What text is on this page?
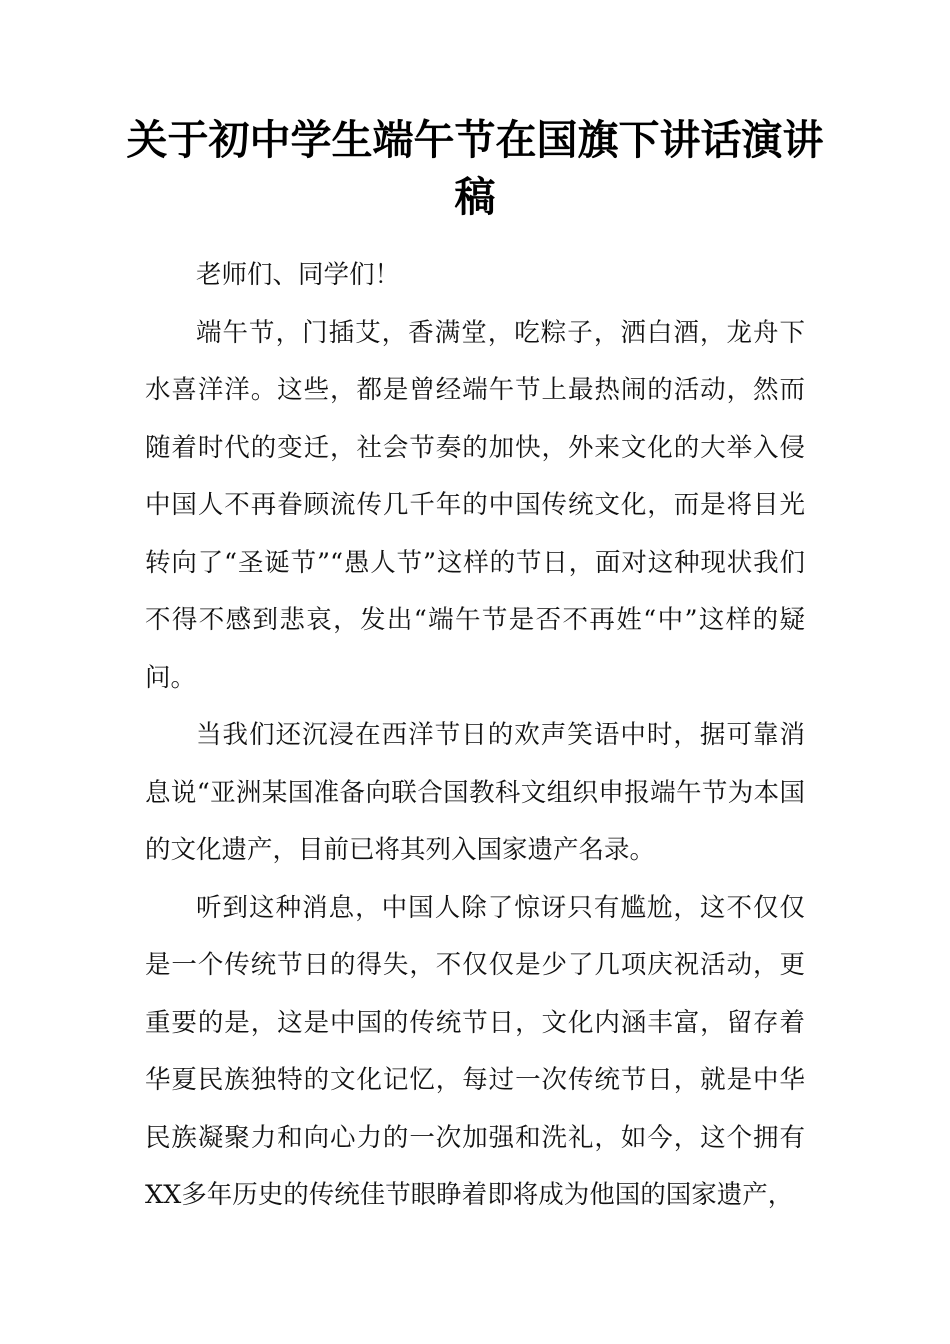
关于初中学生端午节在国旗下讲话演讲稿

老师们、同学们！

端午节，门插艾，香满堂，吃粽子，洒白酒，龙舟下水喜洋洋。这些，都是曾经端午节上最热闹的活动，然而随着时代的变迁，社会节奏的加快，外来文化的大举入侵中国人不再眷顾流传几千年的中国传统文化，而是将目光转向了“圣诞节”“愚人节”这样的节日，面对这种现状我们不得不感到悲哀，发出“端午节是否不再姓“中”这样的疑问。

当我们还沉浸在西洋节日的欢声笑语中时，据可靠消息说“亚洲某国准备向联合国教科文组织申报端午节为本国的文化遗产，目前已将其列入国家遗产名录。

听到这种消息，中国人除了惊讶只有尴尬，这不仅仅是一个传统节日的得失，不仅仅是少了几项庆祝活动，更重要的是，这是中国的传统节日，文化内涵丰富，留存着华夏民族独特的文化记忆，每过一次传统节日，就是中华民族凝聚力和向心力的一次加强和洗礼，如今，这个拥有XX多年历史的传统佳节眼睁着即将成为他国的国家遗产，
